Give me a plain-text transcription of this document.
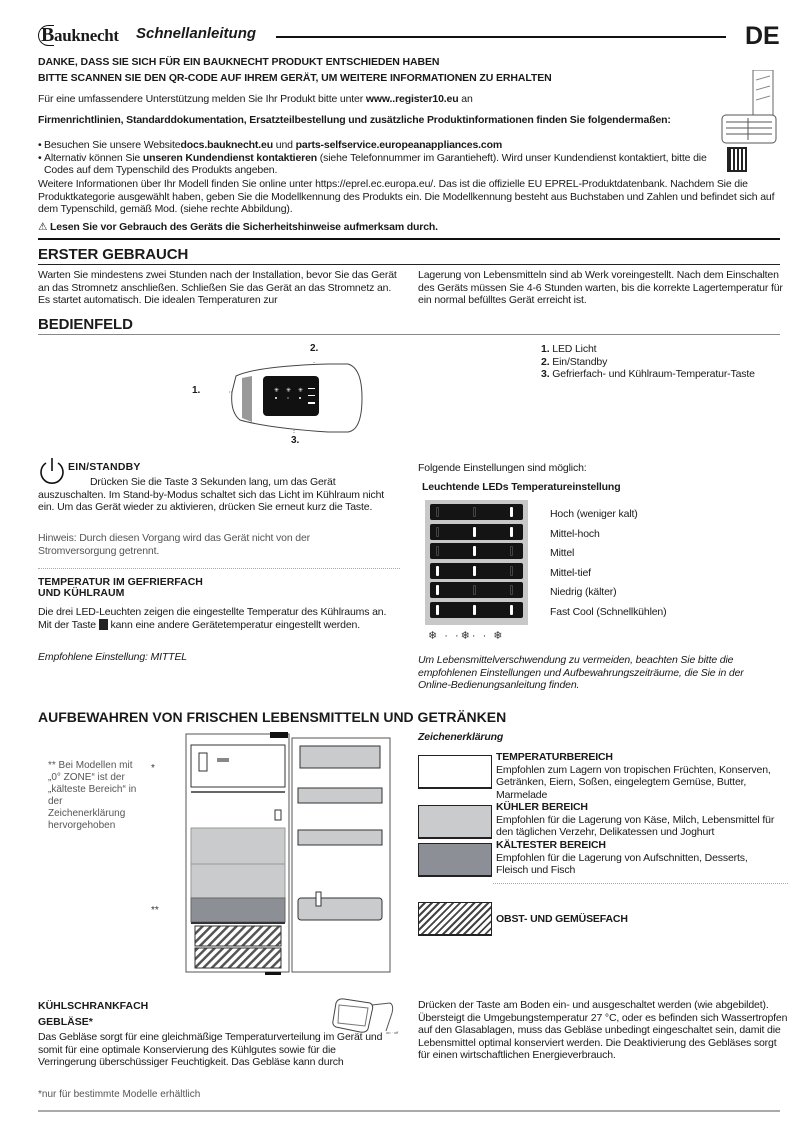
Bauknecht Schnellanleitung	DE
DANKE, DASS SIE SICH FÜR EIN BAUKNECHT PRODUKT ENTSCHIEDEN HABEN
BITTE SCANNEN SIE DEN QR-CODE AUF IHREM GERÄT, UM WEITERE INFORMATIONEN ZU ERHALTEN
Für eine umfassendere Unterstützung melden Sie Ihr Produkt bitte unter www..register10.eu an
Firmenrichtlinien, Standarddokumentation, Ersatzteilbestellung und zusätzliche Produktinformationen finden Sie folgendermaßen:
• Besuchen Sie unsere Websitedocs.bauknecht.eu und parts-selfservice.europeanappliances.com
• Alternativ können Sie unseren Kundendienst kontaktieren (siehe Telefonnummer im Garantieheft). Wird unser Kundendienst kontaktiert, bitte die Codes auf dem Typenschild des Produkts angeben.
Weitere Informationen über Ihr Modell finden Sie online unter https://eprel.ec.europa.eu/. Das ist die offizielle EU EPREL-Produktdatenbank. Nachdem Sie die Produktkategorie ausgewählt haben, geben Sie die Modellkennung des Produkts ein. Die Modellkennung besteht aus Buchstaben und Zahlen und befindet sich auf dem Typenschild, gemäß Mod. (siehe rechte Abbildung).
⚠ Lesen Sie vor Gebrauch des Geräts die Sicherheitshinweise aufmerksam durch.
ERSTER GEBRAUCH
Warten Sie mindestens zwei Stunden nach der Installation, bevor Sie das Gerät an das Stromnetz anschließen. Schließen Sie das Gerät an das Stromnetz an. Es startet automatisch. Die idealen Temperaturen zur
Lagerung von Lebensmitteln sind ab Werk voreingestellt. Nach dem Einschalten des Geräts müssen Sie 4-6 Stunden warten, bis die korrekte Lagertemperatur für ein normal befülltes Gerät erreicht ist.
BEDIENFELD
2.
1.
3.
✳ ✳ ✳
1. LED Licht
2. Ein/Standby
3. Gefrierfach- und Kühlraum-Temperatur-Taste
EIN/STANDBY
Drücken Sie die Taste 3 Sekunden lang, um das Gerät auszuschalten. Im Stand-by-Modus schaltet sich das Licht im Kühlraum nicht ein. Um das Gerät wieder zu aktivieren, drücken Sie erneut kurz die Taste.
Hinweis: Durch diesen Vorgang wird das Gerät nicht von der Stromversorgung getrennt.
TEMPERATUR IM GEFRIERFACH
UND KÜHLRAUM
Die drei LED-Leuchten zeigen die eingestellte Temperatur des Kühlraums an. Mit der Taste  kann eine andere Gerätetemperatur eingestellt werden.
Empfohlene Einstellung: MITTEL
Folgende Einstellungen sind möglich:
Leuchtende LEDs Temperatureinstellung
Hoch (weniger kalt)
Mittel-hoch
Mittel
Mittel-tief
Niedrig (kälter)
Fast Cool (Schnellkühlen)
❄ · ·❄· · ❄
Um Lebensmittelverschwendung zu vermeiden, beachten Sie bitte die empfohlenen Einstellungen und Aufbewahrungszeiträume, die Sie in der Online-Bedienungsanleitung finden.
AUFBEWAHREN VON FRISCHEN LEBENSMITTELN UND GETRÄNKEN
Zeichenerklärung
** Bei Modellen mit „0° ZONE“ ist der „kälteste Bereich“ in der Zeichenerklärung hervorgehoben
*
**
TEMPERATURBEREICH
Empfohlen zum Lagern von tropischen Früchten, Konserven, Getränken, Eiern, Soßen, eingelegtem Gemüse, Butter, Marmelade
KÜHLER BEREICH
Empfohlen für die Lagerung von Käse, Milch, Lebensmittel für den täglichen Verzehr, Delikatessen und Joghurt
KÄLTESTER BEREICH
Empfohlen für die Lagerung von Aufschnitten, Desserts, Fleisch und Fisch
OBST- UND GEMÜSEFACH
KÜHLSCHRANKFACH
GEBLÄSE*
Das Gebläse sorgt für eine gleichmäßige Temperaturverteilung im Gerät und somit für eine optimale Konservierung des Kühlgutes sowie für die Verringerung überschüssiger Feuchtigkeit. Das Gebläse kann durch
on · off
Drücken der Taste am Boden ein- und ausgeschaltet werden (wie abgebildet). Übersteigt die Umgebungstemperatur 27 °C, oder es befinden sich Wassertropfen auf den Glasablagen, muss das Gebläse unbedingt eingeschaltet sein, damit die Lebensmittel optimal konserviert werden. Die Deaktivierung des Gebläses sorgt für einen wirtschaftlichen Energieverbrauch.
*nur für bestimmte Modelle erhältlich
